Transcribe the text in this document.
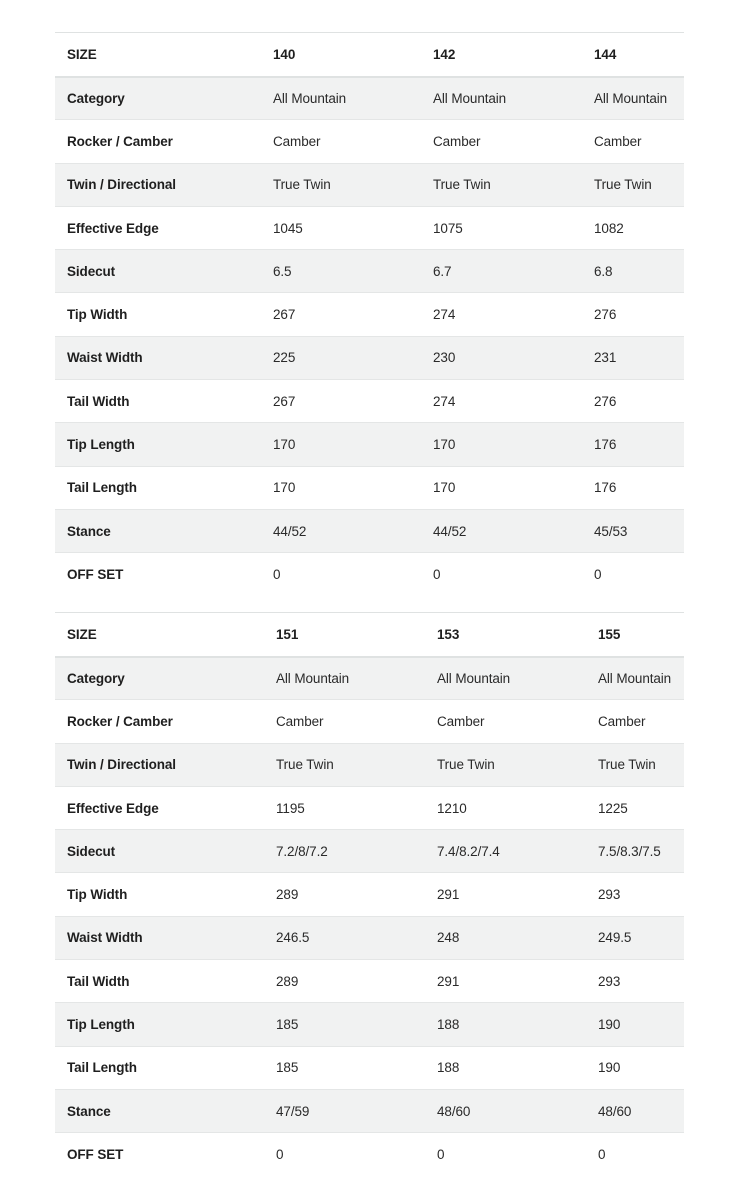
SIZE	140	142	144
Category	All Mountain	All Mountain	All Mountain
Rocker / Camber	Camber	Camber	Camber
Twin / Directional	True Twin	True Twin	True Twin
Effective Edge	1045	1075	1082
Sidecut	6.5	6.7	6.8
Tip Width	267	274	276
Waist Width	225	230	231
Tail Width	267	274	276
Tip Length	170	170	176
Tail Length	170	170	176
Stance	44/52	44/52	45/53
OFF SET	0	0	0
SIZE	151	153	155
Category	All Mountain	All Mountain	All Mountain
Rocker / Camber	Camber	Camber	Camber
Twin / Directional	True Twin	True Twin	True Twin
Effective Edge	1195	1210	1225
Sidecut	7.2/8/7.2	7.4/8.2/7.4	7.5/8.3/7.5
Tip Width	289	291	293
Waist Width	246.5	248	249.5
Tail Width	289	291	293
Tip Length	185	188	190
Tail Length	185	188	190
Stance	47/59	48/60	48/60
OFF SET	0	0	0
